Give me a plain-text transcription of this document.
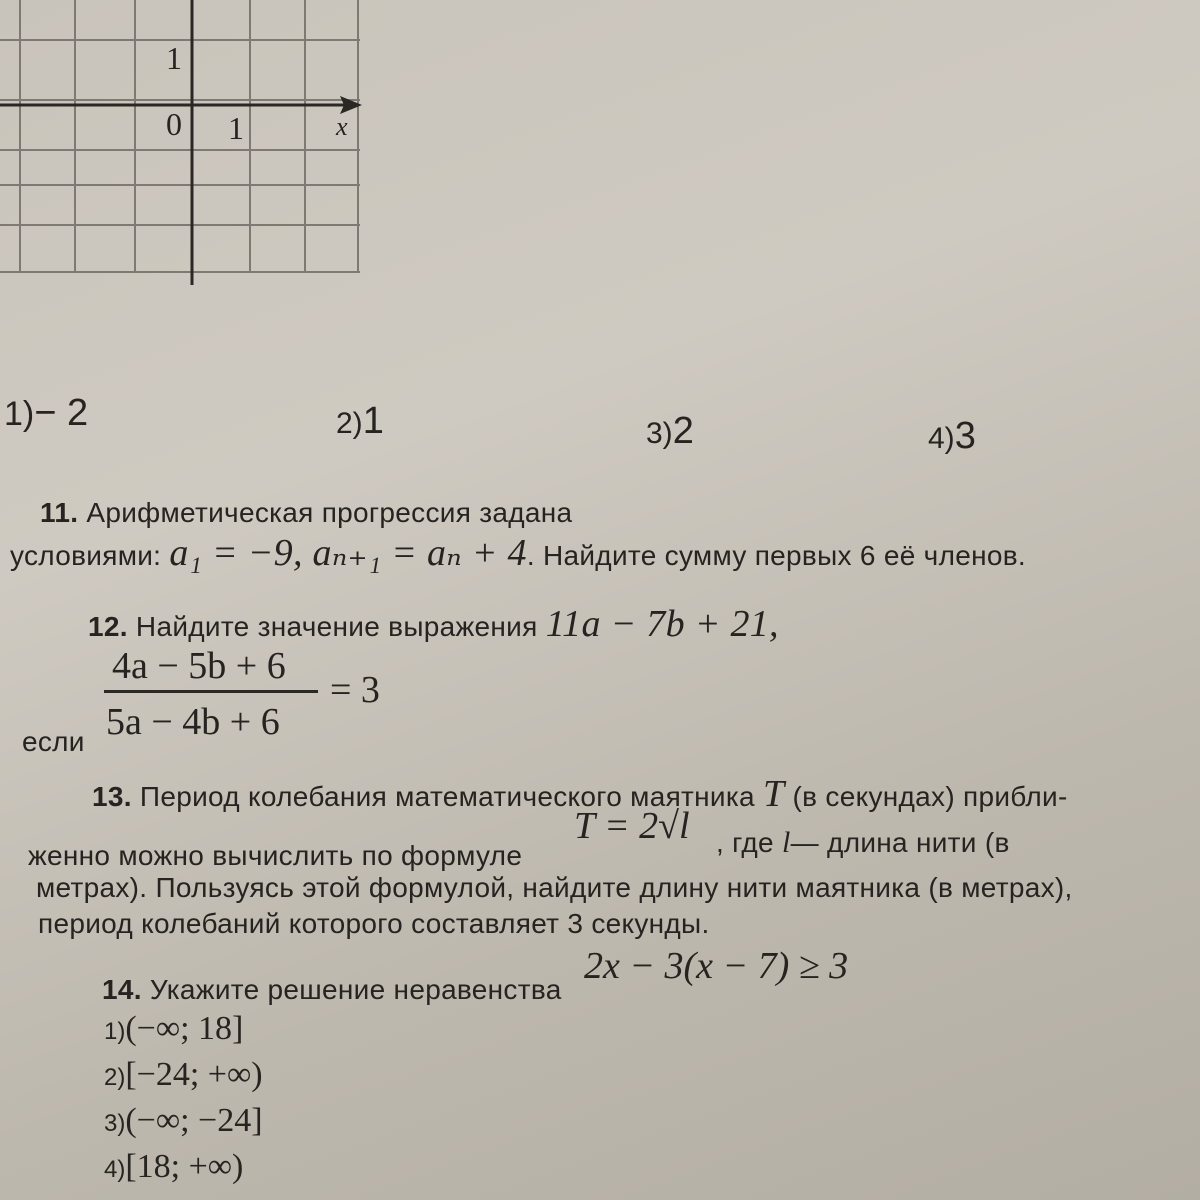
1
0 1	x
1)− 2	2)1	3)2	4)3
11. Арифметическая прогрессия задана
условиями: a₁ = −9, aₙ₊₁ = aₙ + 4. Найдите сумму первых 6 её членов.
12. Найдите значение выражения 11a − 7b + 21,
4a − 5b + 6
= 3
если 5a − 4b + 6
13. Период колебания математического маятника T (в секундах) прибли-
T = 2√l
женно можно вычислить по формуле	, где l— длина нити (в
метрах). Пользуясь этой формулой, найдите длину нити маятника (в метрах),
период колебаний которого составляет 3 секунды.
2x − 3(x − 7) ≥ 3
14. Укажите решение неравенства
1)(−∞; 18]
2)[−24; +∞)
3)(−∞; −24]
4)[18; +∞)
